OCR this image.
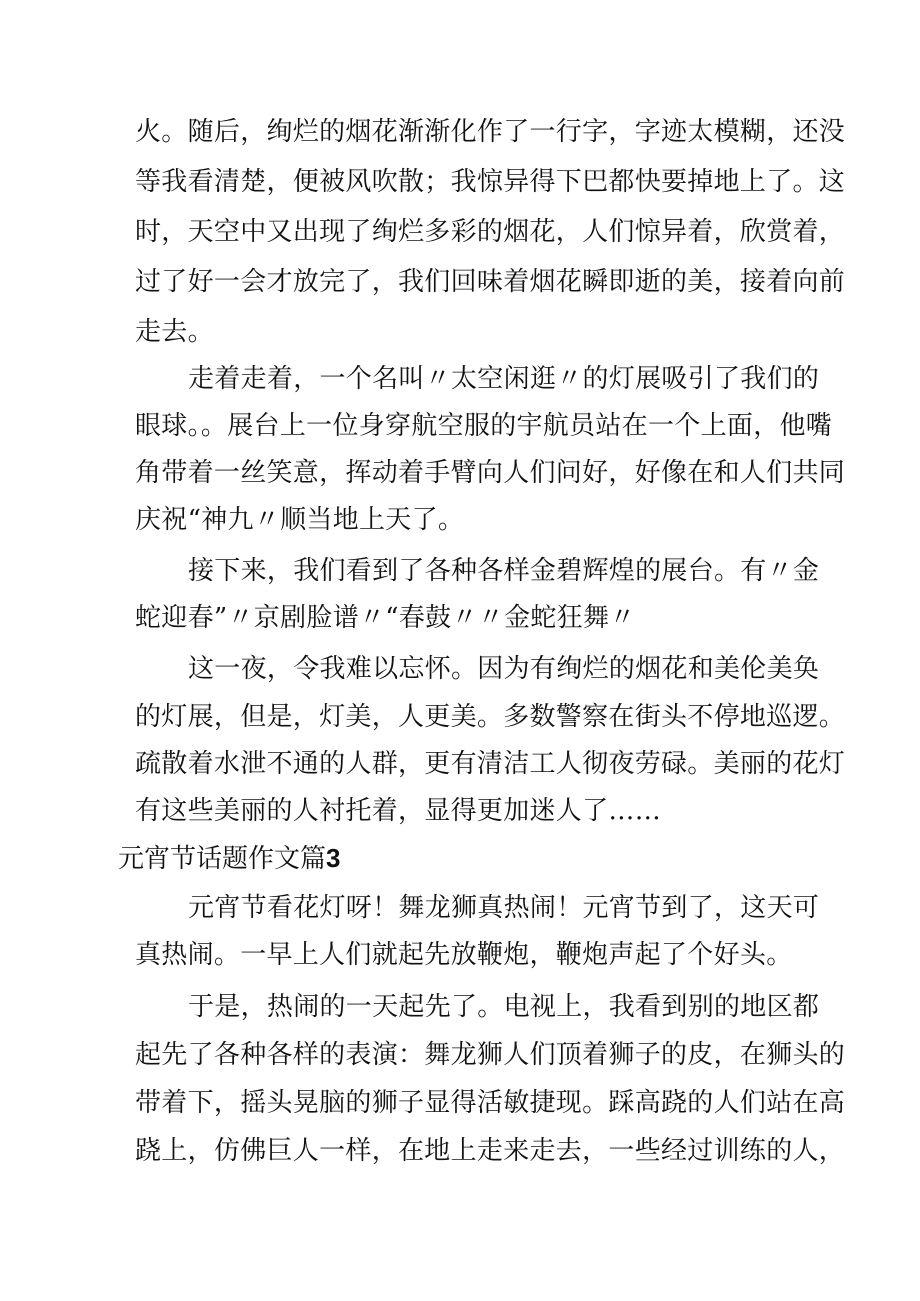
火。随后，绚烂的烟花渐渐化作了一行字，字迹太模糊，还没
等我看清楚，便被风吹散；我惊异得下巴都快要掉地上了。这
时，天空中又出现了绚烂多彩的烟花，人们惊异着，欣赏着，
过了好一会才放完了，我们回味着烟花瞬即逝的美，接着向前
走去。
走着走着，一个名叫〃太空闲逛〃的灯展吸引了我们的
眼球。。展台上一位身穿航空服的宇航员站在一个上面，他嘴
角带着一丝笑意，挥动着手臂向人们问好，好像在和人们共同
庆祝“神九〃顺当地上天了。
接下来，我们看到了各种各样金碧辉煌的展台。有〃金
蛇迎春”〃京剧脸谱〃“春鼓〃〃金蛇狂舞〃
这一夜，令我难以忘怀。因为有绚烂的烟花和美伦美奂
的灯展，但是，灯美，人更美。多数警察在街头不停地巡逻。
疏散着水泄不通的人群，更有清洁工人彻夜劳碌。美丽的花灯
有这些美丽的人衬托着，显得更加迷人了……
元宵节话题作文篇3
元宵节看花灯呀！舞龙狮真热闹！元宵节到了，这天可
真热闹。一早上人们就起先放鞭炮，鞭炮声起了个好头。
于是，热闹的一天起先了。电视上，我看到别的地区都
起先了各种各样的表演：舞龙狮人们顶着狮子的皮，在狮头的
带着下，摇头晃脑的狮子显得活敏捷现。踩高跷的人们站在高
跷上，仿佛巨人一样，在地上走来走去，一些经过训练的人，
